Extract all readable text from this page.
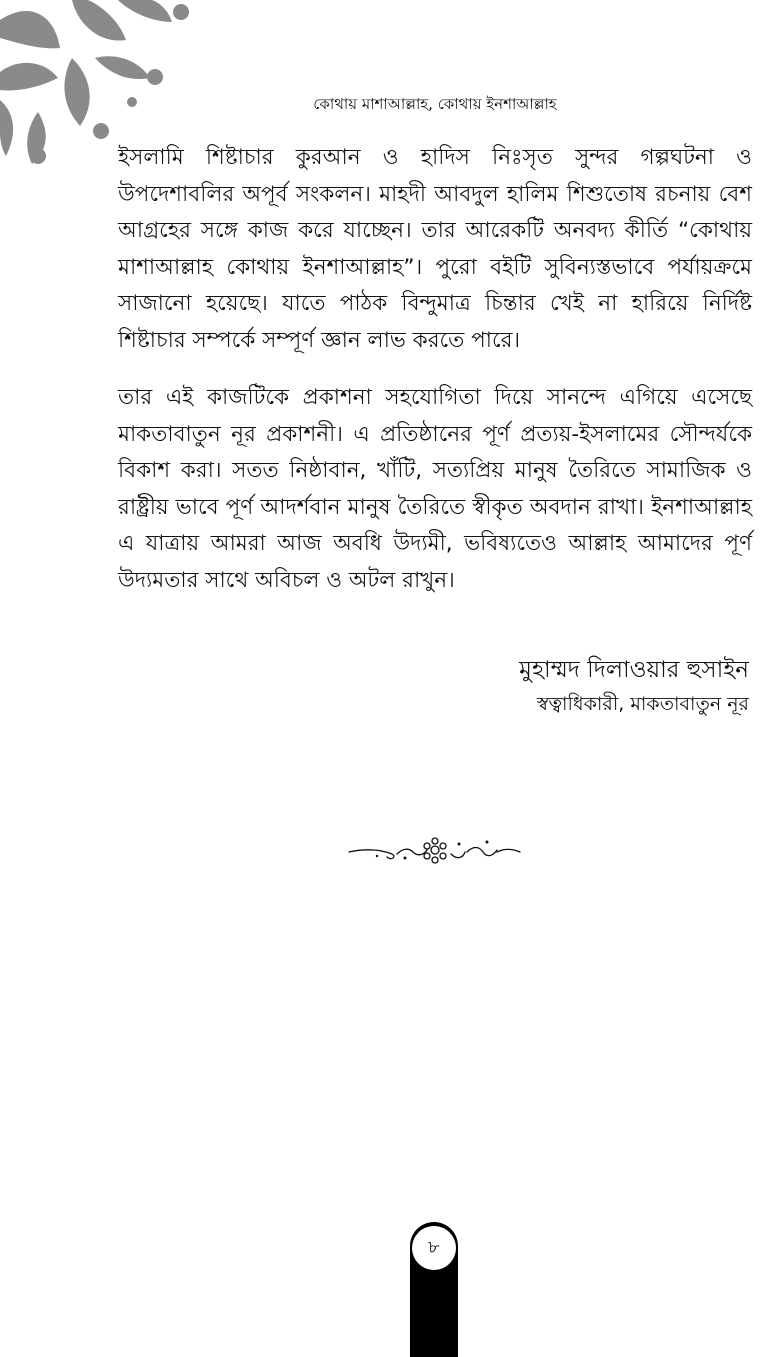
কোথায় মাশাআল্লাহ, কোথায় ইনশাআল্লাহ

ইসলামি শিষ্টাচার কুরআন ও হাদিস নিঃসৃত সুন্দর গল্পঘটনা ও উপদেশাবলির অপূর্ব সংকলন। মাহদী আবদুল হালিম শিশুতোষ রচনায় বেশ আগ্রহের সঙ্গে কাজ করে যাচ্ছেন। তার আরেকটি অনবদ্য কীর্তি “কোথায় মাশাআল্লাহ কোথায় ইনশাআল্লাহ”। পুরো বইটি সুবিন্যস্তভাবে পর্যায়ক্রমে সাজানো হয়েছে। যাতে পাঠক বিন্দুমাত্র চিন্তার খেই না হারিয়ে নির্দিষ্ট শিষ্টাচার সম্পর্কে সম্পূর্ণ জ্ঞান লাভ করতে পারে।

তার এই কাজটিকে প্রকাশনা সহযোগিতা দিয়ে সানন্দে এগিয়ে এসেছে মাকতাবাতুন নূর প্রকাশনী। এ প্রতিষ্ঠানের পূর্ণ প্রত্যয়-ইসলামের সৌন্দর্যকে বিকাশ করা। সতত নিষ্ঠাবান, খাঁটি, সত্যপ্রিয় মানুষ তৈরিতে সামাজিক ও রাষ্ট্রীয় ভাবে পূর্ণ আদর্শবান মানুষ তৈরিতে স্বীকৃত অবদান রাখা। ইনশাআল্লাহ এ যাত্রায় আমরা আজ অবধি উদ্যমী, ভবিষ্যতেও আল্লাহ আমাদের পূর্ণ উদ্যমতার সাথে অবিচল ও অটল রাখুন।

মুহাম্মদ দিলাওয়ার হুসাইন
স্বত্বাধিকারী, মাকতাবাতুন নূর
৮
